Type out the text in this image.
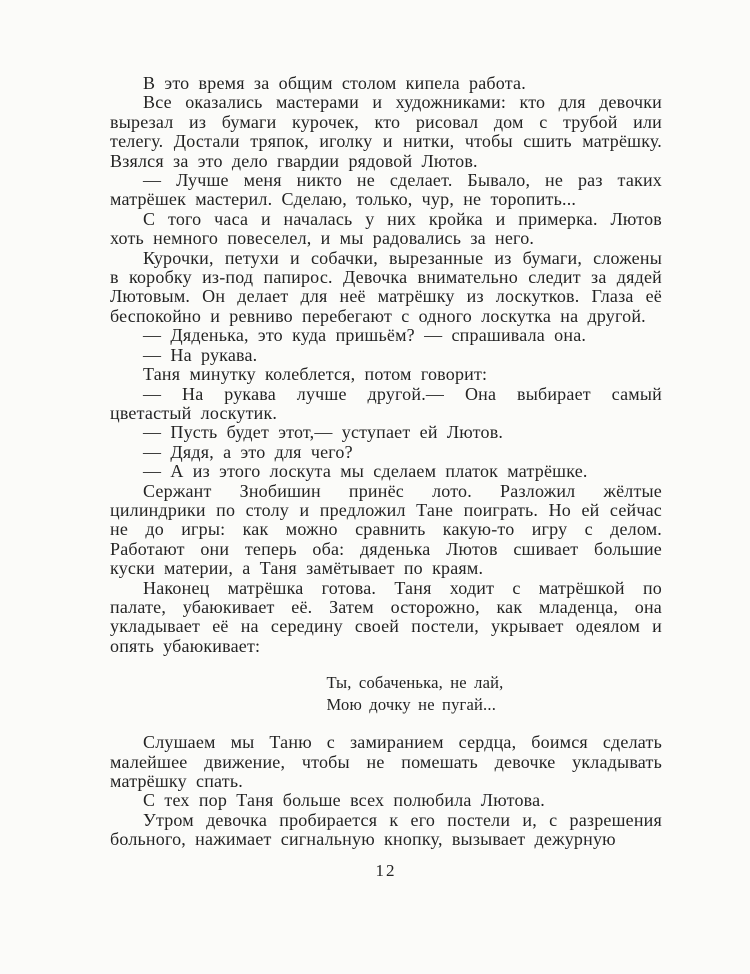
В это время за общим столом кипела работа.

Все оказались мастерами и художниками: кто для девочки вырезал из бумаги курочек, кто рисовал дом с трубой или телегу. Достали тряпок, иголку и нитки, чтобы сшить матрёшку. Взялся за это дело гвардии рядовой Лютов.

— Лучше меня никто не сделает. Бывало, не раз таких матрёшек мастерил. Сделаю, только, чур, не торопить...

С того часа и началась у них кройка и примерка. Лютов хоть немного повеселел, и мы радовались за него.

Курочки, петухи и собачки, вырезанные из бумаги, сложены в коробку из-под папирос. Девочка внимательно следит за дядей Лютовым. Он делает для неё матрёшку из лоскутков. Глаза её беспокойно и ревниво перебегают с одного лоскутка на другой.

— Дяденька, это куда пришьём? — спрашивала она.

— На рукава.

Таня минутку колеблется, потом говорит:

— На рукава лучше другой.— Она выбирает самый цветастый лоскутик.

— Пусть будет этот,— уступает ей Лютов.

— Дядя, а это для чего?

— А из этого лоскута мы сделаем платок матрёшке.

Сержант Знобишин принёс лото. Разложил жёлтые цилиндрики по столу и предложил Тане поиграть. Но ей сейчас не до игры: как можно сравнить какую-то игру с делом. Работают они теперь оба: дяденька Лютов сшивает большие куски материи, а Таня замётывает по краям.

Наконец матрёшка готова. Таня ходит с матрёшкой по палате, убаюкивает её. Затем осторожно, как младенца, она укладывает её на середину своей постели, укрывает одеялом и опять убаюкивает:

Ты, собаченька, не лай,
Мою дочку не пугай...

Слушаем мы Таню с замиранием сердца, боимся сделать малейшее движение, чтобы не помешать девочке укладывать матрёшку спать.

С тех пор Таня больше всех полюбила Лютова.

Утром девочка пробирается к его постели и, с разрешения больного, нажимает сигнальную кнопку, вызывает дежурную

12
